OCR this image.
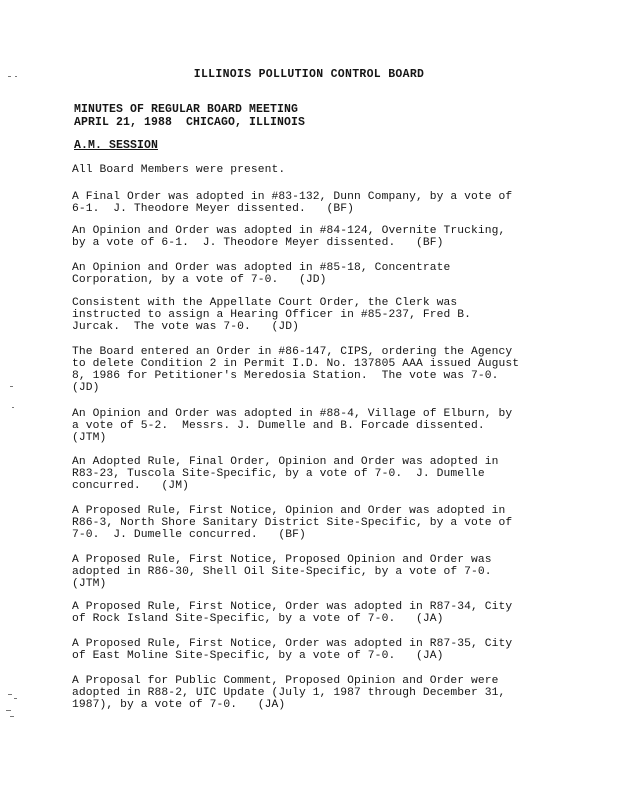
ILLINOIS POLLUTION CONTROL BOARD
MINUTES OF REGULAR BOARD MEETING
APRIL 21, 1988  CHICAGO, ILLINOIS
A.M. SESSION
All Board Members were present.
A Final Order was adopted in #83-132, Dunn Company, by a vote of
6-1.  J. Theodore Meyer dissented.   (BF)
An Opinion and Order was adopted in #84-124, Overnite Trucking,
by a vote of 6-1.  J. Theodore Meyer dissented.   (BF)
An Opinion and Order was adopted in #85-18, Concentrate
Corporation, by a vote of 7-0.   (JD)
Consistent with the Appellate Court Order, the Clerk was
instructed to assign a Hearing Officer in #85-237, Fred B.
Jurcak.  The vote was 7-0.   (JD)
The Board entered an Order in #86-147, CIPS, ordering the Agency
to delete Condition 2 in Permit I.D. No. 137805 AAA issued August
8, 1986 for Petitioner's Meredosia Station.  The vote was 7-0.
(JD)
An Opinion and Order was adopted in #88-4, Village of Elburn, by
a vote of 5-2.  Messrs. J. Dumelle and B. Forcade dissented.
(JTM)
An Adopted Rule, Final Order, Opinion and Order was adopted in
R83-23, Tuscola Site-Specific, by a vote of 7-0.  J. Dumelle
concurred.   (JM)
A Proposed Rule, First Notice, Opinion and Order was adopted in
R86-3, North Shore Sanitary District Site-Specific, by a vote of
7-0.  J. Dumelle concurred.   (BF)
A Proposed Rule, First Notice, Proposed Opinion and Order was
adopted in R86-30, Shell Oil Site-Specific, by a vote of 7-0.
(JTM)
A Proposed Rule, First Notice, Order was adopted in R87-34, City
of Rock Island Site-Specific, by a vote of 7-0.   (JA)
A Proposed Rule, First Notice, Order was adopted in R87-35, City
of East Moline Site-Specific, by a vote of 7-0.   (JA)
A Proposal for Public Comment, Proposed Opinion and Order were
adopted in R88-2, UIC Update (July 1, 1987 through December 31,
1987), by a vote of 7-0.   (JA)
